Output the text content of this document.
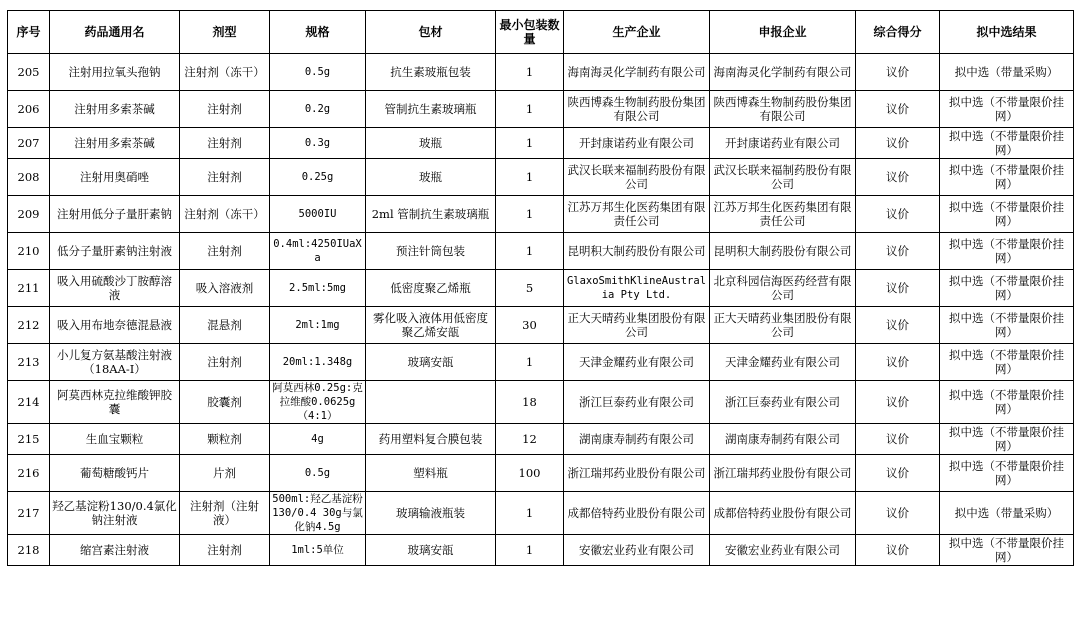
序号	药品通用名	剂型	规格	包材	最小包装数量	生产企业	申报企业	综合得分	拟中选结果
205	注射用拉氧头孢钠	注射剂（冻干）	0.5g	抗生素玻瓶包装	1	海南海灵化学制药有限公司	海南海灵化学制药有限公司	议价	拟中选（带量采购）
206	注射用多索茶碱	注射剂	0.2g	管制抗生素玻璃瓶	1	陕西博森生物制药股份集团有限公司	陕西博森生物制药股份集团有限公司	议价	拟中选（不带量限价挂网）
207	注射用多索茶碱	注射剂	0.3g	玻瓶	1	开封康诺药业有限公司	开封康诺药业有限公司	议价	拟中选（不带量限价挂网）
208	注射用奥硝唑	注射剂	0.25g	玻瓶	1	武汉长联来福制药股份有限公司	武汉长联来福制药股份有限公司	议价	拟中选（不带量限价挂网）
209	注射用低分子量肝素钠	注射剂（冻干）	5000IU	2ml 管制抗生素玻璃瓶	1	江苏万邦生化医药集团有限责任公司	江苏万邦生化医药集团有限责任公司	议价	拟中选（不带量限价挂网）
210	低分子量肝素钠注射液	注射剂	0.4ml:4250IUaXa	预注针筒包装	1	昆明积大制药股份有限公司	昆明积大制药股份有限公司	议价	拟中选（不带量限价挂网）
211	吸入用硫酸沙丁胺醇溶液	吸入溶液剂	2.5ml:5mg	低密度聚乙烯瓶	5	GlaxoSmithKlineAustralia Pty Ltd.	北京科园信海医药经营有限公司	议价	拟中选（不带量限价挂网）
212	吸入用布地奈德混悬液	混悬剂	2ml:1mg	雾化吸入液体用低密度聚乙烯安瓿	30	正大天晴药业集团股份有限公司	正大天晴药业集团股份有限公司	议价	拟中选（不带量限价挂网）
213	小儿复方氨基酸注射液（18AA-I）	注射剂	20ml:1.348g	玻璃安瓿	1	天津金耀药业有限公司	天津金耀药业有限公司	议价	拟中选（不带量限价挂网）
214	阿莫西林克拉维酸钾胶囊	胶囊剂	阿莫西林0.25g:克拉维酸0.0625g（4:1）		18	浙江巨泰药业有限公司	浙江巨泰药业有限公司	议价	拟中选（不带量限价挂网）
215	生血宝颗粒	颗粒剂	4g	药用塑料复合膜包装	12	湖南康寿制药有限公司	湖南康寿制药有限公司	议价	拟中选（不带量限价挂网）
216	葡萄糖酸钙片	片剂	0.5g	塑料瓶	100	浙江瑞邦药业股份有限公司	浙江瑞邦药业股份有限公司	议价	拟中选（不带量限价挂网）
217	羟乙基淀粉130/0.4氯化钠注射液	注射剂（注射液）	500ml:羟乙基淀粉130/0.4 30g与氯化钠4.5g	玻璃输液瓶装	1	成都倍特药业股份有限公司	成都倍特药业股份有限公司	议价	拟中选（带量采购）
218	缩宫素注射液	注射剂	1ml:5单位	玻璃安瓿	1	安徽宏业药业有限公司	安徽宏业药业有限公司	议价	拟中选（不带量限价挂网）
